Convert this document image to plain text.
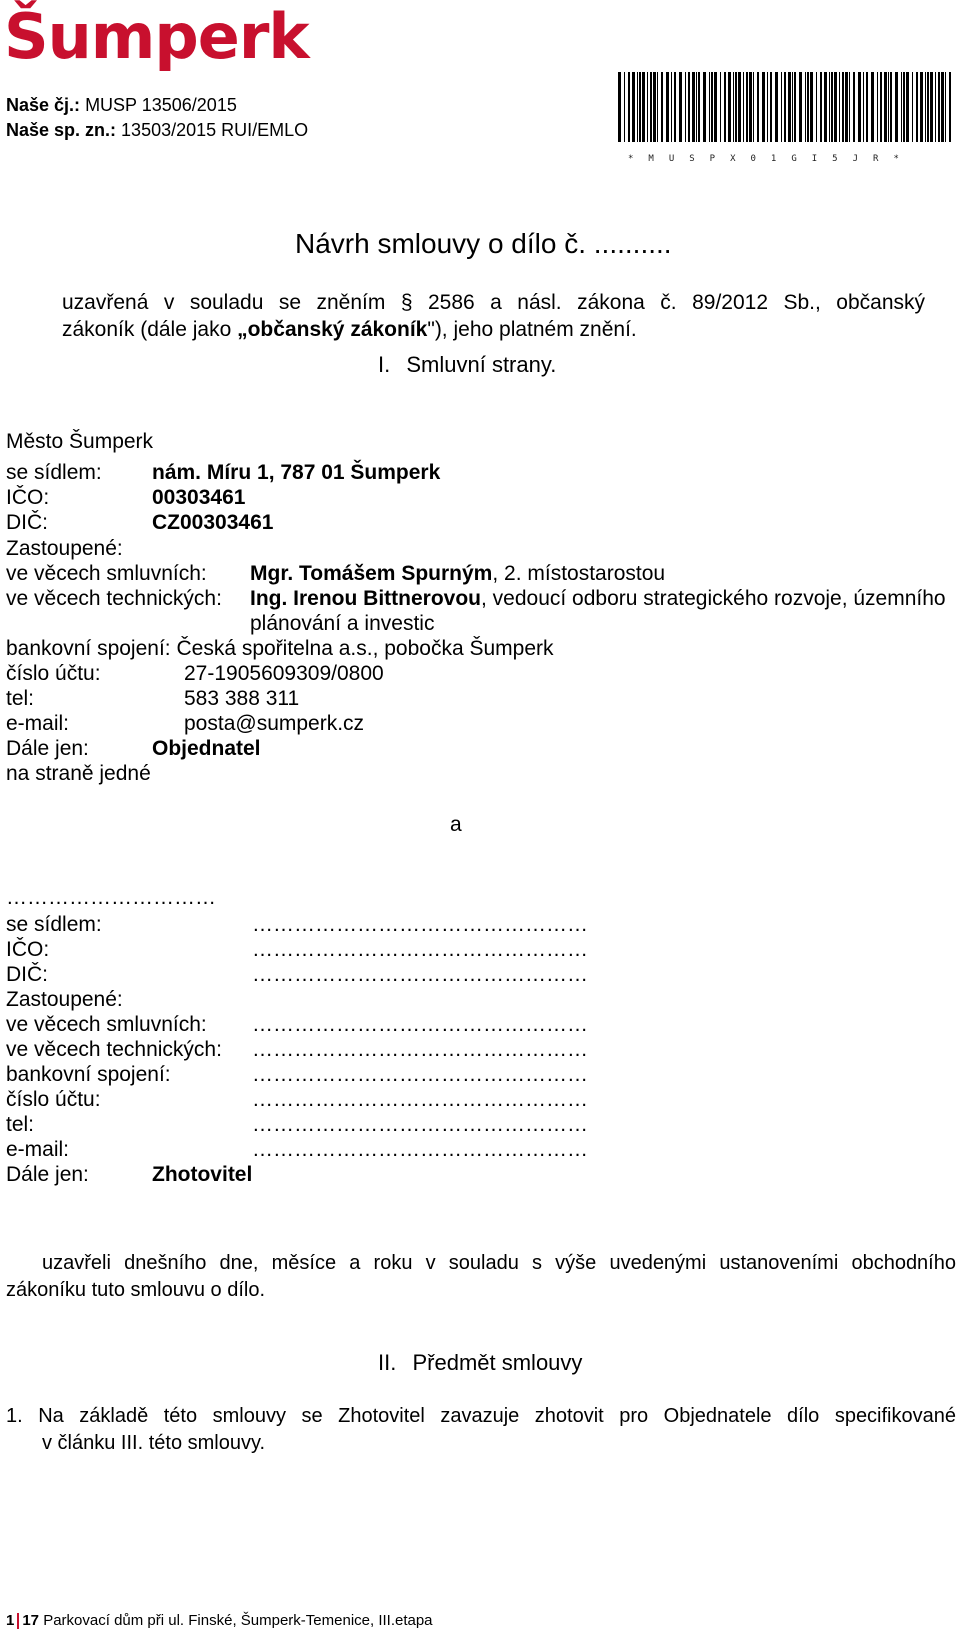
Šumperk
Naše čj.: MUSP 13506/2015
Naše sp. zn.: 13503/2015 RUI/EMLO
*MUSPX01GI5JR*
Návrh smlouvy o dílo č. ..........
uzavřená v souladu se zněním § 2586 a násl. zákona č. 89/2012 Sb., občanský
zákoník (dále jako „občanský zákoník"), jeho platném znění.
I. Smluvní strany.
Město Šumperk
se sídlem: nám. Míru 1, 787 01 Šumperk
IČO:	00303461
DIČ:	CZ00303461
Zastoupené:
ve věcech smluvních: Mgr. Tomášem Spurným, 2. místostarostou
ve věcech technických: Ing. Irenou Bittnerovou, vedoucí odboru strategického rozvoje, územního
plánování a investic
bankovní spojení: Česká spořitelna a.s., pobočka Šumperk
číslo účtu:	27-1905609309/0800
tel:	583 388 311
e-mail:	posta@sumperk.cz
Dále jen:	Objednatel
na straně jedné
a
…………………………
se sídlem:	…………………………………………
IČO:	…………………………………………
DIČ:	…………………………………………
Zastoupené:
ve věcech smluvních: …………………………………………
ve věcech technických: …………………………………………
bankovní spojení:	…………………………………………
číslo účtu:	…………………………………………
tel:	…………………………………………
e-mail:	…………………………………………
Dále jen:	Zhotovitel
uzavřeli dnešního dne, měsíce a roku v souladu s výše uvedenými ustanoveními obchodního
zákoníku tuto smlouvu o dílo.
II. Předmět smlouvy
1. Na základě této smlouvy se Zhotovitel zavazuje zhotovit pro Objednatele dílo specifikované
v článku III. této smlouvy.
1 17 Parkovací dům při ul. Finské, Šumperk-Temenice, III.etapa
